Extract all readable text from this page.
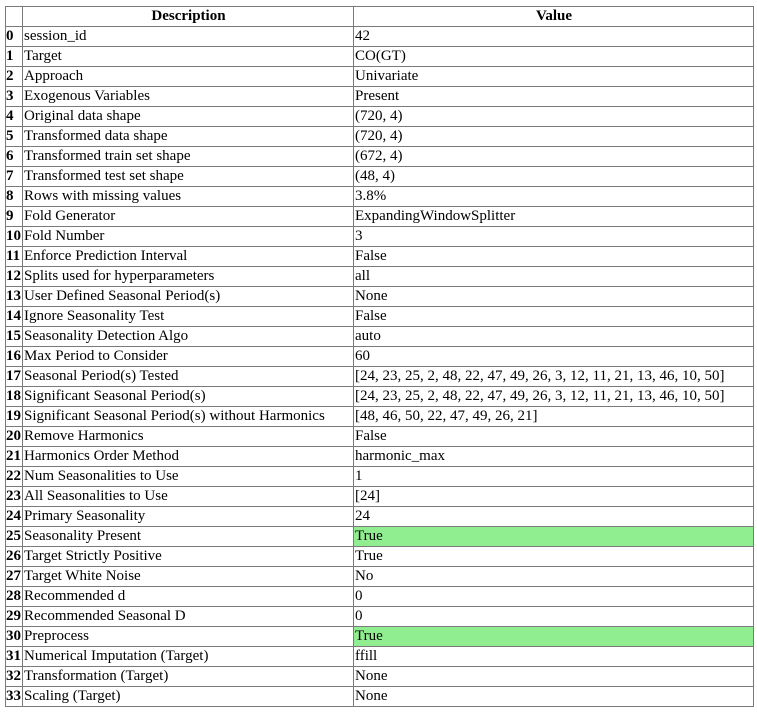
	Description	Value
0	session_id	42
1	Target	CO(GT)
2	Approach	Univariate
3	Exogenous Variables	Present
4	Original data shape	(720, 4)
5	Transformed data shape	(720, 4)
6	Transformed train set shape	(672, 4)
7	Transformed test set shape	(48, 4)
8	Rows with missing values	3.8%
9	Fold Generator	ExpandingWindowSplitter
10	Fold Number	3
11	Enforce Prediction Interval	False
12	Splits used for hyperparameters	all
13	User Defined Seasonal Period(s)	None
14	Ignore Seasonality Test	False
15	Seasonality Detection Algo	auto
16	Max Period to Consider	60
17	Seasonal Period(s) Tested	[24, 23, 25, 2, 48, 22, 47, 49, 26, 3, 12, 11, 21, 13, 46, 10, 50]
18	Significant Seasonal Period(s)	[24, 23, 25, 2, 48, 22, 47, 49, 26, 3, 12, 11, 21, 13, 46, 10, 50]
19	Significant Seasonal Period(s) without Harmonics	[48, 46, 50, 22, 47, 49, 26, 21]
20	Remove Harmonics	False
21	Harmonics Order Method	harmonic_max
22	Num Seasonalities to Use	1
23	All Seasonalities to Use	[24]
24	Primary Seasonality	24
25	Seasonality Present	True
26	Target Strictly Positive	True
27	Target White Noise	No
28	Recommended d	0
29	Recommended Seasonal D	0
30	Preprocess	True
31	Numerical Imputation (Target)	ffill
32	Transformation (Target)	None
33	Scaling (Target)	None
